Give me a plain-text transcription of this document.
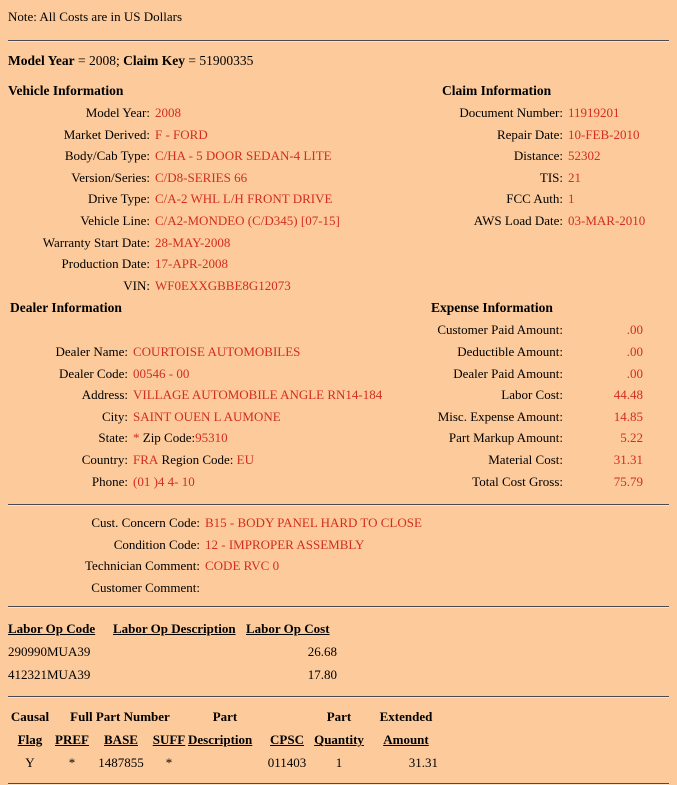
Note: All Costs are in US Dollars
Model Year = 2008; Claim Key = 51900335
Vehicle Information
Model Year: 2008
Market Derived: F - FORD
Body/Cab Type: C/HA - 5 DOOR SEDAN-4 LITE
Version/Series: C/D8-SERIES 66
Drive Type: C/A-2 WHL L/H FRONT DRIVE
Vehicle Line: C/A2-MONDEO (C/D345) [07-15]
Warranty Start Date: 28-MAY-2008
Production Date: 17-APR-2008
VIN: WF0EXXGBBE8G12073
Claim Information
Document Number: 11919201
Repair Date: 10-FEB-2010
Distance: 52302
TIS: 21
FCC Auth: 1
AWS Load Date: 03-MAR-2010
Dealer Information
Dealer Name: COURTOISE AUTOMOBILES
Dealer Code: 00546 - 00
Address: VILLAGE AUTOMOBILE ANGLE RN14-184
City: SAINT OUEN L AUMONE
State: * Zip Code: 95310
Country: FRA Region Code: EU
Phone: (01 )4 4- 10
Expense Information
Customer Paid Amount:	.00
Deductible Amount:	.00
Dealer Paid Amount:	.00
Labor Cost:	44.48
Misc. Expense Amount:	14.85
Part Markup Amount:	5.22
Material Cost:	31.31
Total Cost Gross:	75.79
Cust. Concern Code: B15 - BODY PANEL HARD TO CLOSE
Condition Code: 12 - IMPROPER ASSEMBLY
Technician Comment: CODE RVC 0
Customer Comment:
Labor Op Code	Labor Op Description	Labor Op Cost
290990MUA39		26.68
412321MUA39		17.80
Causal	Full Part Number			Part		Part	Extended
Flag	PREF	BASE	SUFF	Description	CPSC	Quantity	Amount
Y	*	1487855	*		011403	1	31.31
